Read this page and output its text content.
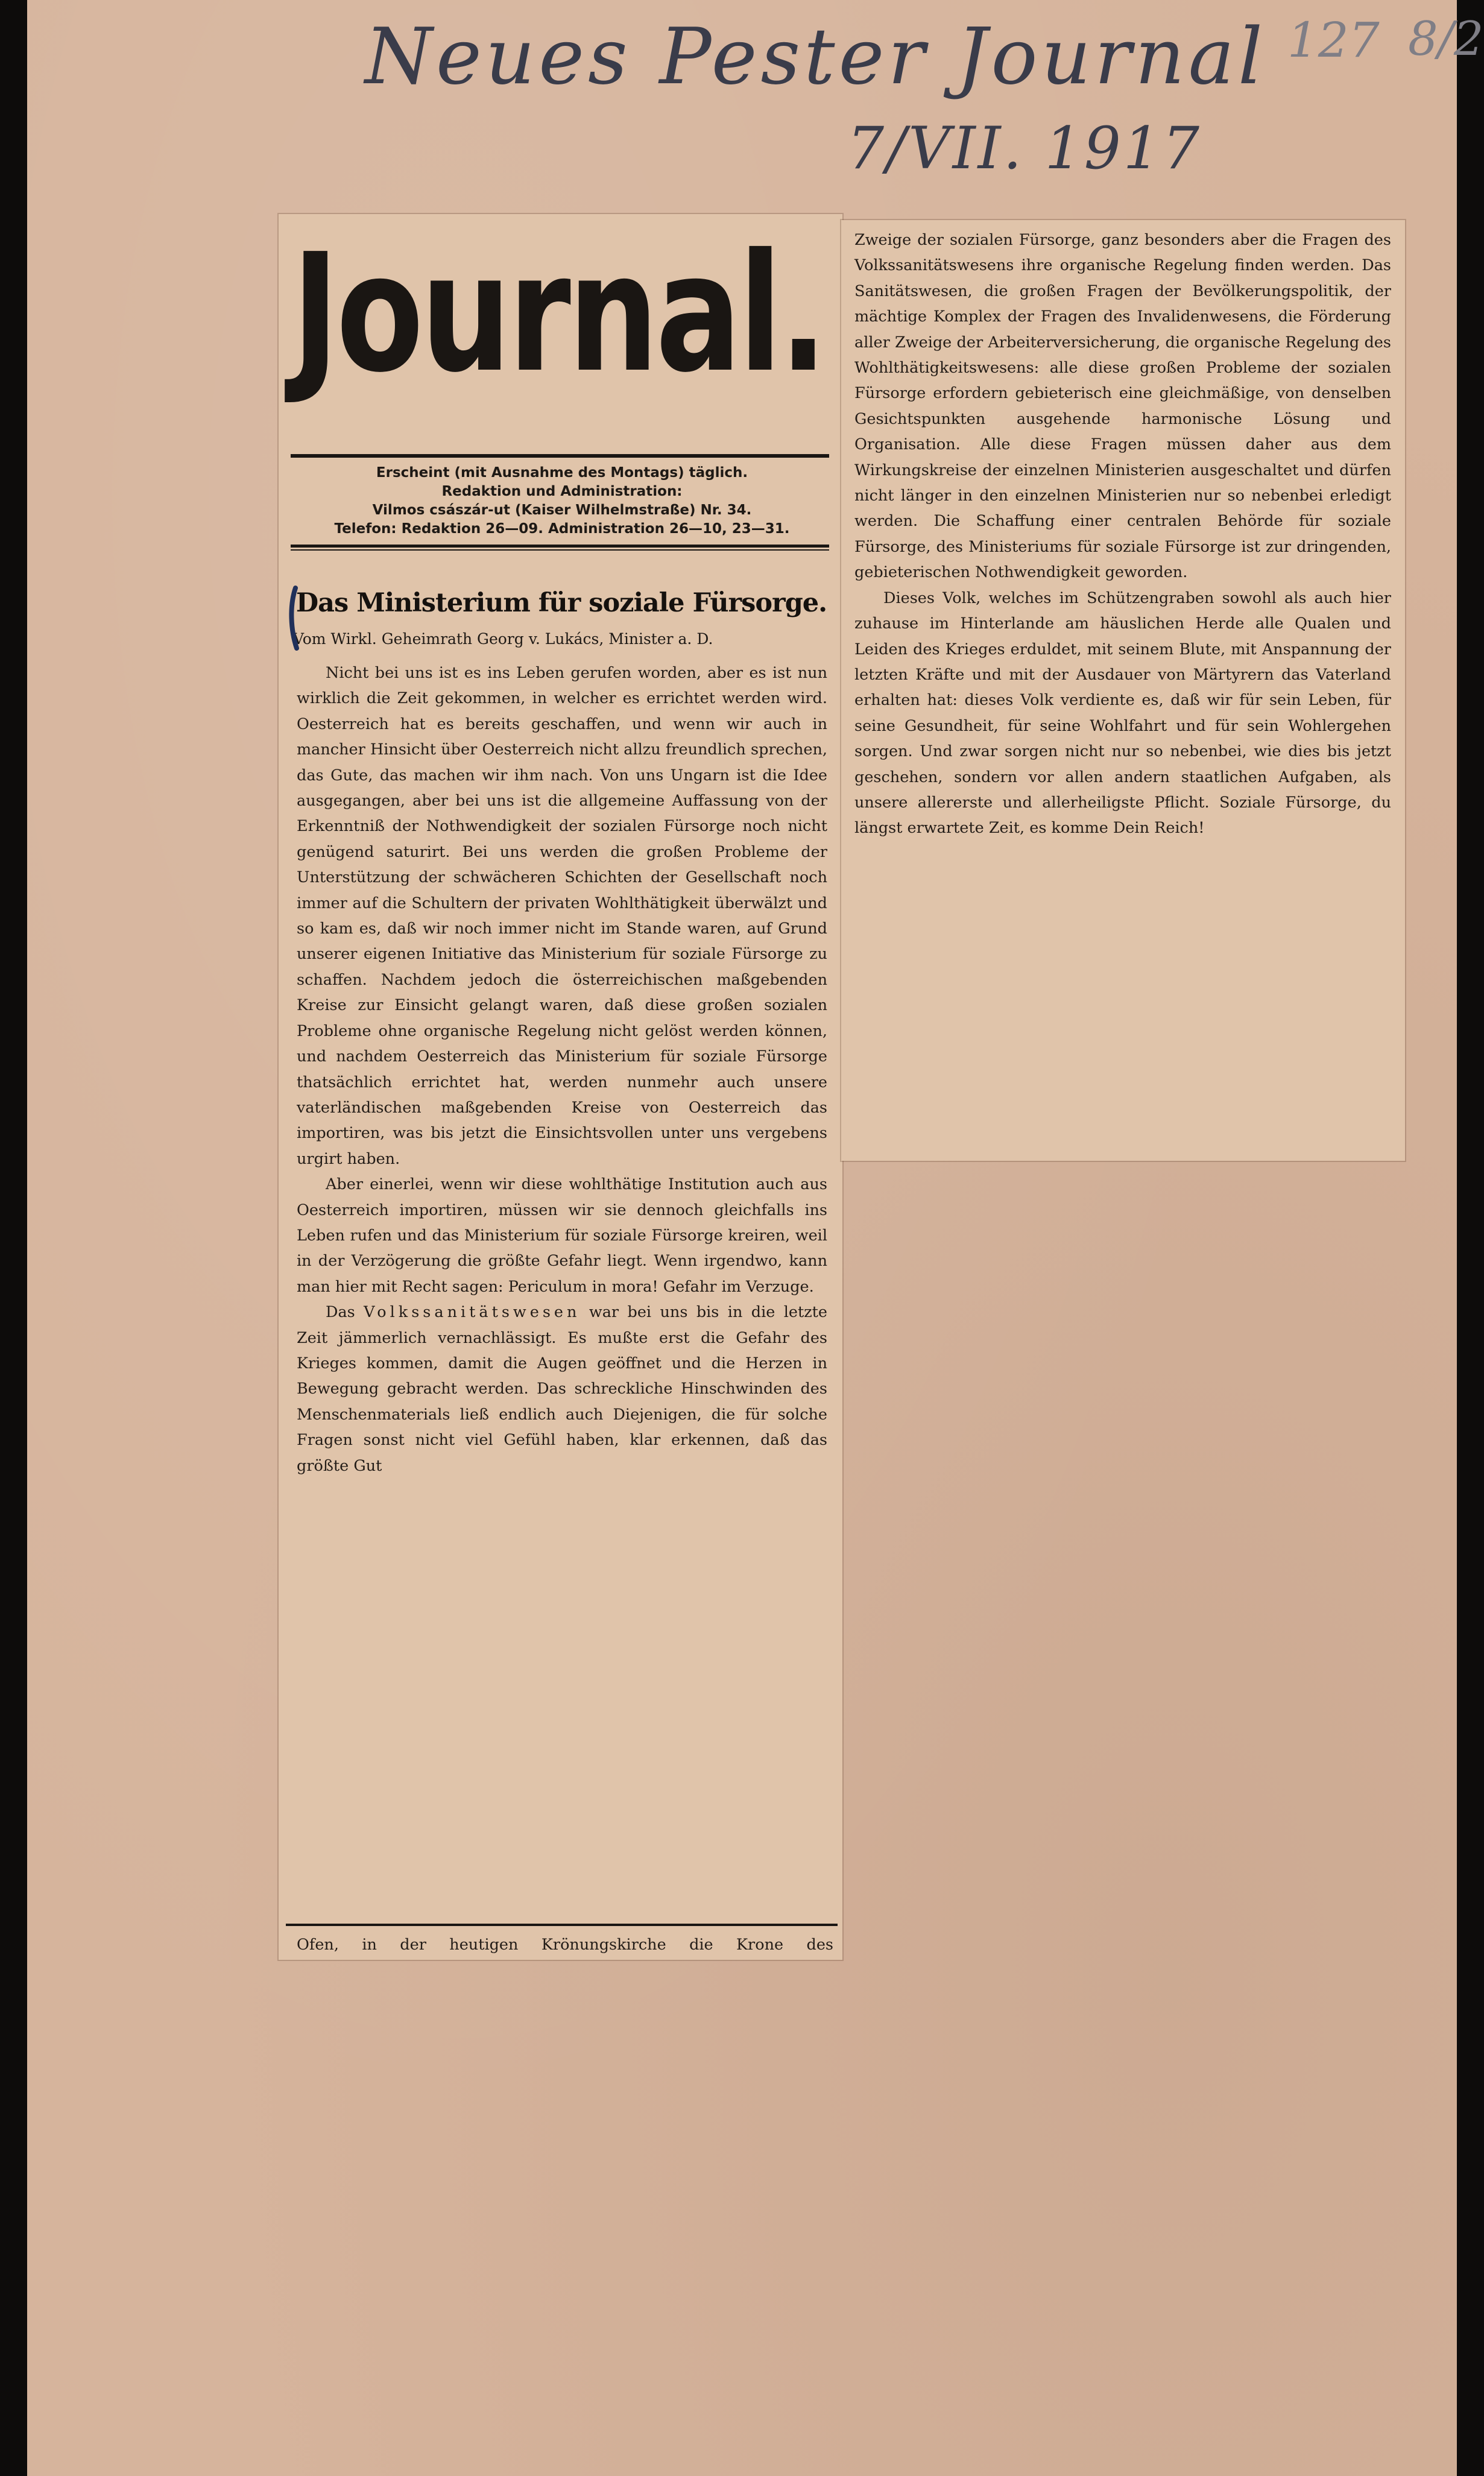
Neues Pester Journal
7/VII. 1917
127 8/2
Journal.
Erscheint (mit Ausnahme des Montags) täglich.
Redaktion und Administration:
Vilmos császár-ut (Kaiser Wilhelmstraße) Nr. 34.
Telefon: Redaktion 26—09. Administration 26—10, 23—31.
Das Ministerium für soziale Fürsorge.
Vom Wirkl. Geheimrath Georg v. Lukács, Minister a. D.

Nicht bei uns ist es ins Leben gerufen worden, aber es ist nun wirklich die Zeit gekommen, in welcher es errichtet werden wird. Oesterreich hat es bereits geschaffen, und wenn wir auch in mancher Hinsicht über Oesterreich nicht allzu freundlich sprechen, das Gute, das machen wir ihm nach. Von uns Ungarn ist die Idee ausgegangen, aber bei uns ist die allgemeine Auffassung von der Erkenntniß der Nothwendigkeit der sozialen Fürsorge noch nicht genügend saturirt. Bei uns werden die großen Probleme der Unterstützung der schwächeren Schichten der Gesellschaft noch immer auf die Schultern der privaten Wohlthätigkeit überwälzt und so kam es, daß wir noch immer nicht im Stande waren, auf Grund unserer eigenen Initiative das Ministerium für soziale Fürsorge zu schaffen. Nachdem jedoch die österreichischen maßgebenden Kreise zur Einsicht gelangt waren, daß diese großen sozialen Probleme ohne organische Regelung nicht gelöst werden können, und nachdem Oesterreich das Ministerium für soziale Fürsorge thatsächlich errichtet hat, werden nunmehr auch unsere vaterländischen maßgebenden Kreise von Oesterreich das importiren, was bis jetzt die Einsichtsvollen unter uns vergebens urgirt haben.

Aber einerlei, wenn wir diese wohlthätige Institution auch aus Oesterreich importiren, müssen wir sie dennoch gleichfalls ins Leben rufen und das Ministerium für soziale Fürsorge kreiren, weil in der Verzögerung die größte Gefahr liegt. Wenn irgendwo, kann man hier mit Recht sagen: Periculum in mora! Gefahr im Verzuge.

Das Volkssanitätswesen war bei uns bis in die letzte Zeit jämmerlich vernachlässigt. Es mußte erst die Gefahr des Krieges kommen, damit die Augen geöffnet und die Herzen in Bewegung gebracht werden. Das schreckliche Hinschwinden des Menschenmaterials ließ endlich auch Diejenigen, die für solche Fragen sonst nicht viel Gefühl haben, klar erkennen, daß das größte Gut

Ofen, in der heutigen Krönungskirche die Krone des

Zweige der sozialen Fürsorge, ganz besonders aber die Fragen des Volkssanitätswesens ihre organische Regelung finden werden. Das Sanitätswesen, die großen Fragen der Bevölkerungspolitik, der mächtige Komplex der Fragen des Invalidenwesens, die Förderung aller Zweige der Arbeiterversicherung, die organische Regelung des Wohlthätigkeitswesens: alle diese großen Probleme der sozialen Fürsorge erfordern gebieterisch eine gleichmäßige, von denselben Gesichtspunkten ausgehende harmonische Lösung und Organisation. Alle diese Fragen müssen daher aus dem Wirkungskreise der einzelnen Ministerien ausgeschaltet und dürfen nicht länger in den einzelnen Ministerien nur so nebenbei erledigt werden. Die Schaffung einer centralen Behörde für soziale Fürsorge, des Ministeriums für soziale Fürsorge ist zur dringenden, gebieterischen Nothwendigkeit geworden.

Dieses Volk, welches im Schützengraben sowohl als auch hier zuhause im Hinterlande am häuslichen Herde alle Qualen und Leiden des Krieges erduldet, mit seinem Blute, mit Anspannung der letzten Kräfte und mit der Ausdauer von Märtyrern das Vaterland erhalten hat: dieses Volk verdiente es, daß wir für sein Leben, für seine Gesundheit, für seine Wohlfahrt und für sein Wohlergehen sorgen. Und zwar sorgen nicht nur so nebenbei, wie dies bis jetzt geschehen, sondern vor allen andern staatlichen Aufgaben, als unsere allererste und allerheiligste Pflicht. Soziale Fürsorge, du längst erwartete Zeit, es komme Dein Reich!
